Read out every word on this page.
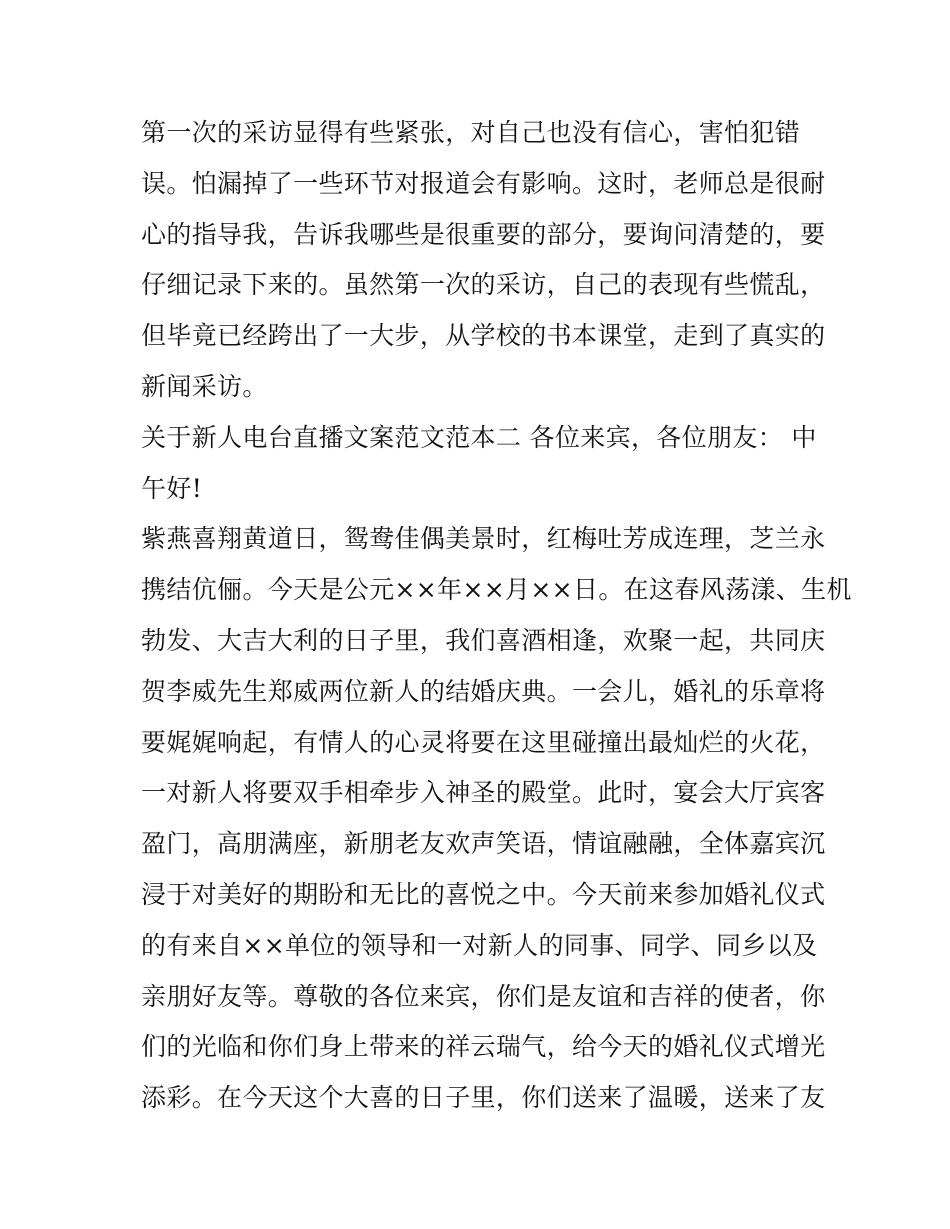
第一次的采访显得有些紧张，对自己也没有信心，害怕犯错
误。怕漏掉了一些环节对报道会有影响。这时，老师总是很耐
心的指导我，告诉我哪些是很重要的部分，要询问清楚的，要
仔细记录下来的。虽然第一次的采访，自己的表现有些慌乱，
但毕竟已经跨出了一大步，从学校的书本课堂，走到了真实的
新闻采访。
关于新人电台直播文案范文范本二 各位来宾，各位朋友： 中
午好!
紫燕喜翔黄道日，鸳鸯佳偶美景时，红梅吐芳成连理，芝兰永
携结伉俪。今天是公元××年××月××日。在这春风荡漾、生机
勃发、大吉大利的日子里，我们喜酒相逢，欢聚一起，共同庆
贺李威先生郑威两位新人的结婚庆典。一会儿，婚礼的乐章将
要娓娓响起，有情人的心灵将要在这里碰撞出最灿烂的火花，
一对新人将要双手相牵步入神圣的殿堂。此时，宴会大厅宾客
盈门，高朋满座，新朋老友欢声笑语，情谊融融，全体嘉宾沉
浸于对美好的期盼和无比的喜悦之中。今天前来参加婚礼仪式
的有来自××单位的领导和一对新人的同事、同学、同乡以及
亲朋好友等。尊敬的各位来宾，你们是友谊和吉祥的使者，你
们的光临和你们身上带来的祥云瑞气，给今天的婚礼仪式增光
添彩。在今天这个大喜的日子里，你们送来了温暖，送来了友
